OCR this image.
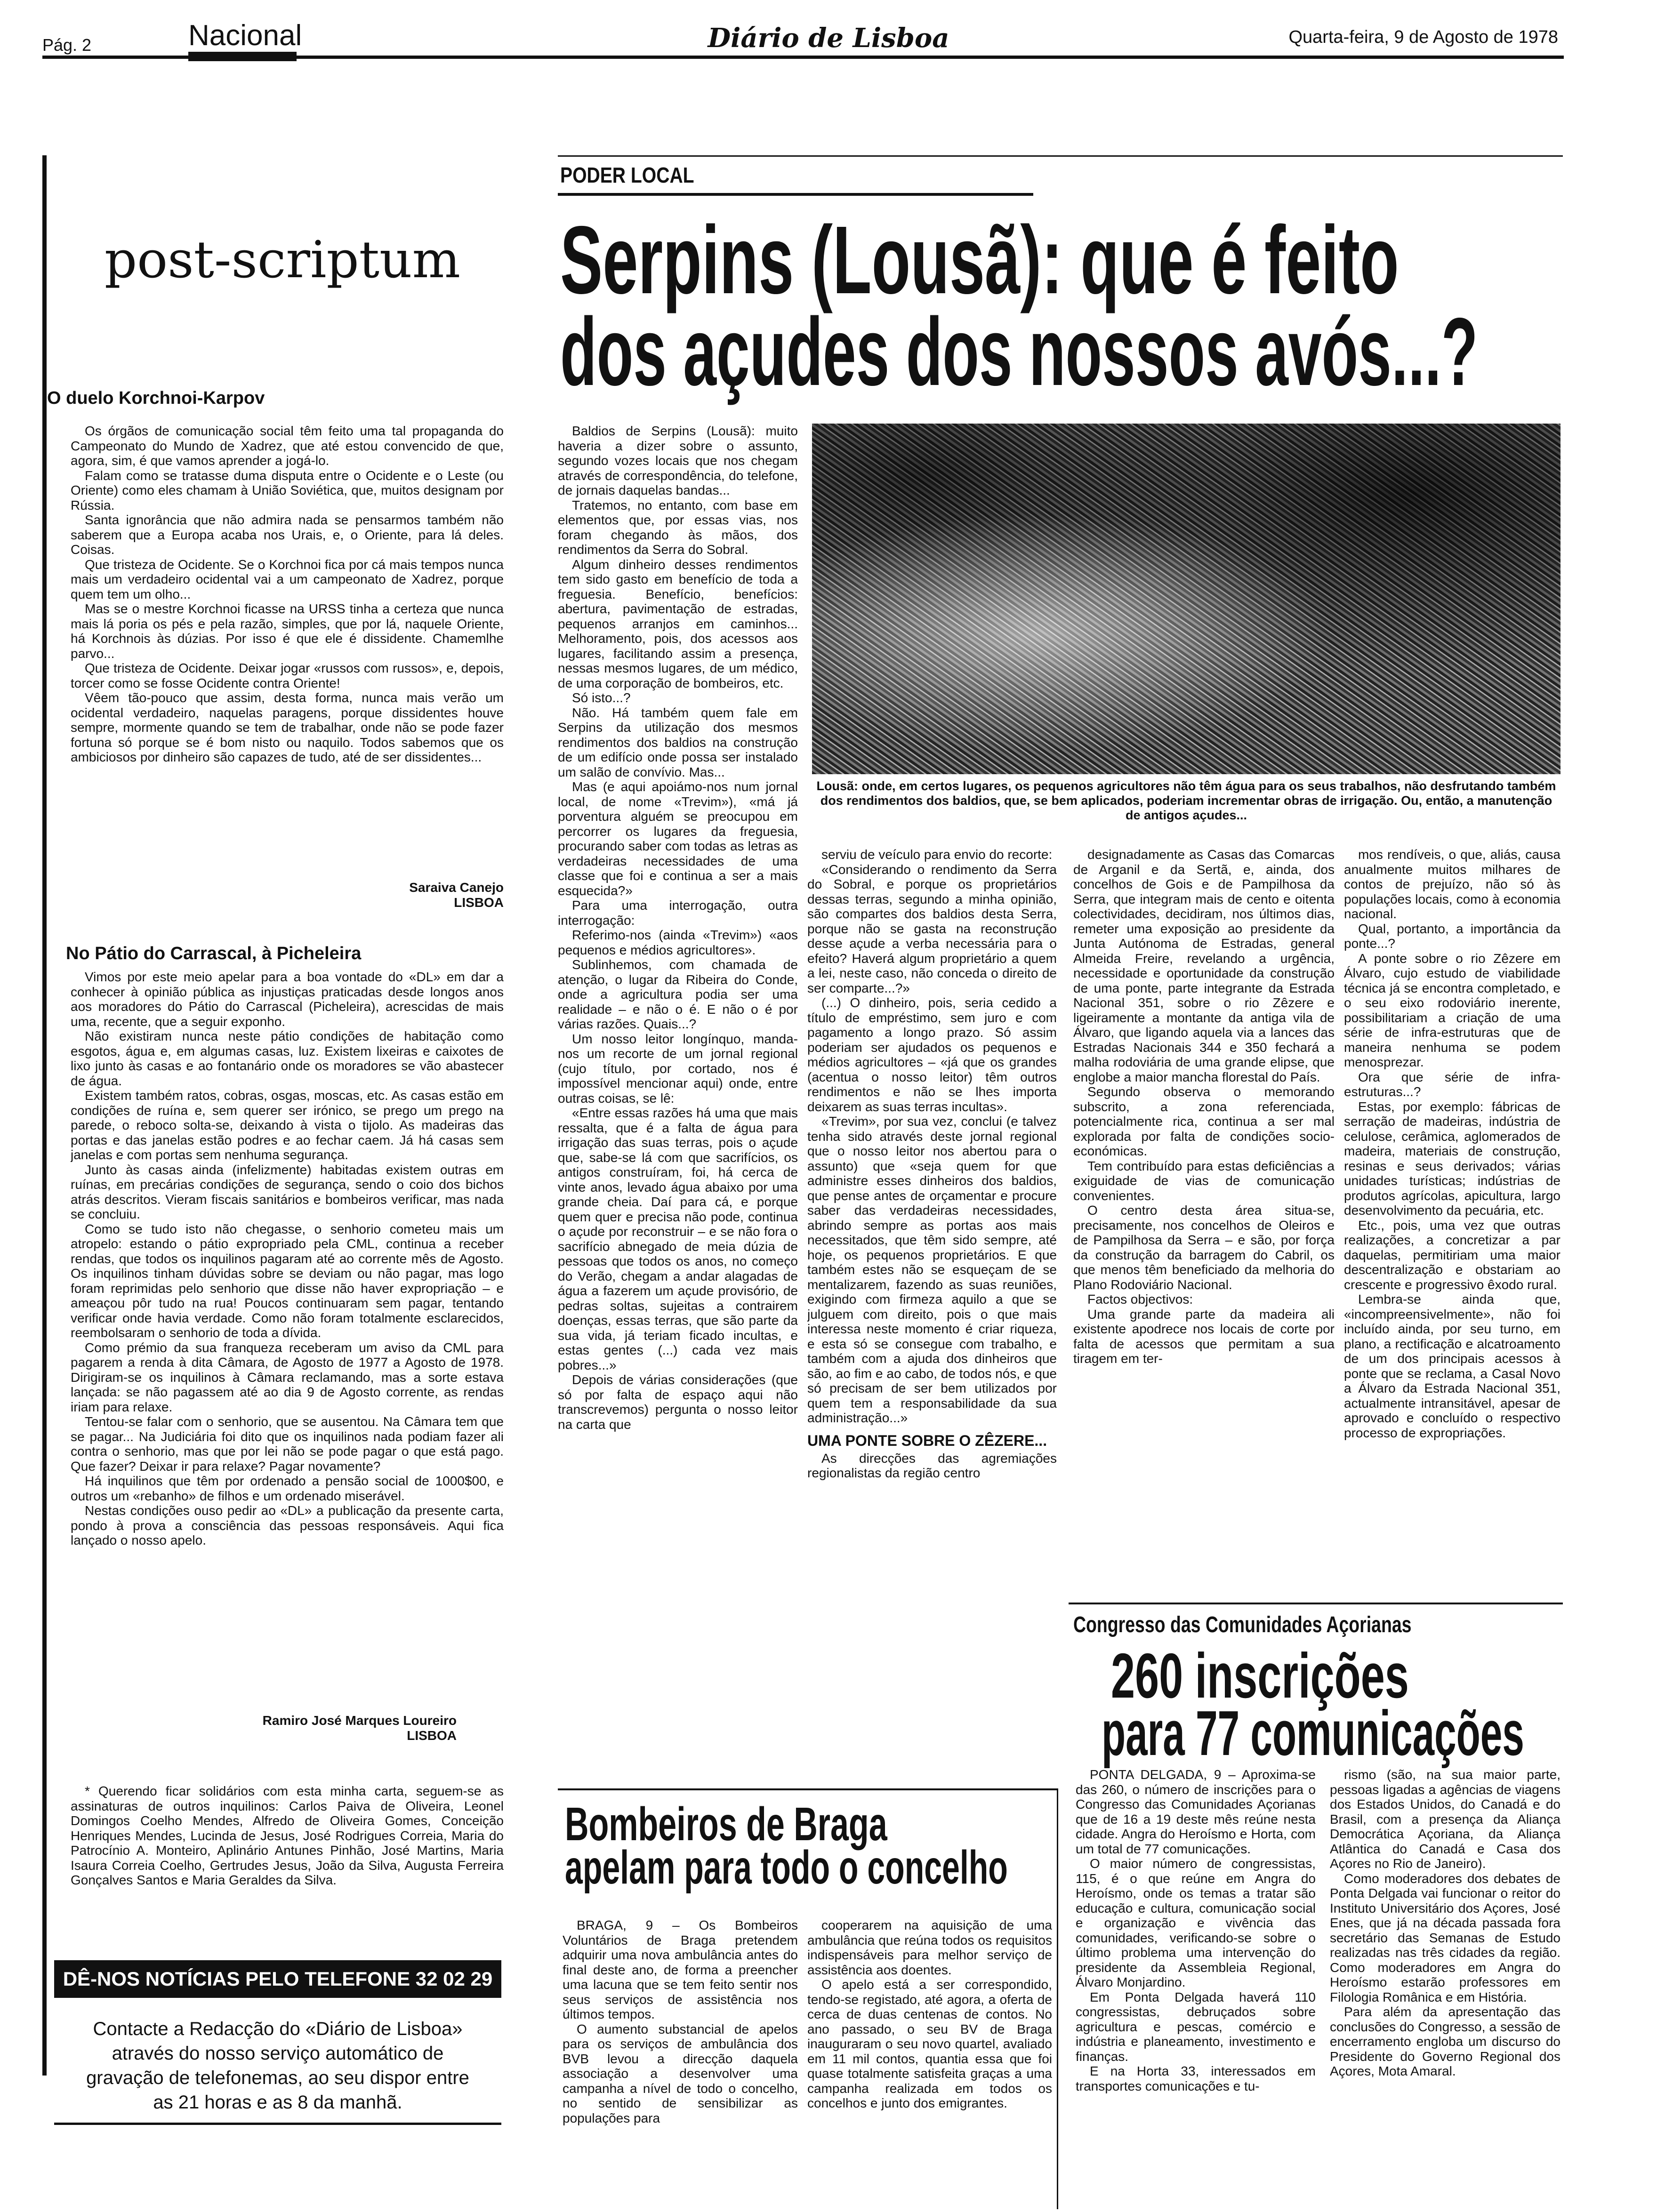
Pág. 2	Nacional	Diário de Lisboa	Quarta-feira, 9 de Agosto de 1978
post-scriptum
O duelo Korchnoi-Karpov

Os órgãos de comunicação social têm feito uma tal propaganda do Campeonato do Mundo de Xadrez, que até estou convencido de que, agora, sim, é que vamos aprender a jogá-lo.

Falam como se tratasse duma disputa entre o Ocidente e o Leste (ou Oriente) como eles chamam à União Soviética, que, muitos designam por Rússia.

Santa ignorância que não admira nada se pensarmos também não saberem que a Europa acaba nos Urais, e, o Oriente, para lá deles. Coisas.

Que tristeza de Ocidente. Se o Korchnoi fica por cá mais tempos nunca mais um verdadeiro ocidental vai a um campeonato de Xadrez, porque quem tem um olho...

Mas se o mestre Korchnoi ficasse na URSS tinha a certeza que nunca mais lá poria os pés e pela razão, simples, que por lá, naquele Oriente, há Korchnois às dúzias. Por isso é que ele é dissidente. Chamemlhe parvo...

Que tristeza de Ocidente. Deixar jogar «russos com russos», e, depois, torcer como se fosse Ocidente contra Oriente!

Vêem tão-pouco que assim, desta forma, nunca mais verão um ocidental verdadeiro, naquelas paragens, porque dissidentes houve sempre, mormente quando se tem de trabalhar, onde não se pode fazer fortuna só porque se é bom nisto ou naquilo. Todos sabemos que os ambiciosos por dinheiro são capazes de tudo, até de ser dissidentes...

Saraiva Canejo
LISBOA
No Pátio do Carrascal, à Picheleira

Vimos por este meio apelar para a boa vontade do «DL» em dar a conhecer à opinião pública as injustiças praticadas desde longos anos aos moradores do Pátio do Carrascal (Picheleira), acrescidas de mais uma, recente, que a seguir exponho.

Não existiram nunca neste pátio condições de habitação como esgotos, água e, em algumas casas, luz. Existem lixeiras e caixotes de lixo junto às casas e ao fontanário onde os moradores se vão abastecer de água.

Existem também ratos, cobras, osgas, moscas, etc. As casas estão em condições de ruína e, sem querer ser irónico, se prego um prego na parede, o reboco solta-se, deixando à vista o tijolo. As madeiras das portas e das janelas estão podres e ao fechar caem. Já há casas sem janelas e com portas sem nenhuma segurança.

Junto às casas ainda (infelizmente) habitadas existem outras em ruínas, em precárias condições de segurança, sendo o coio dos bichos atrás descritos. Vieram fiscais sanitários e bombeiros verificar, mas nada se concluiu.

Como se tudo isto não chegasse, o senhorio cometeu mais um atropelo: estando o pátio expropriado pela CML, continua a receber rendas, que todos os inquilinos pagaram até ao corrente mês de Agosto. Os inquilinos tinham dúvidas sobre se deviam ou não pagar, mas logo foram reprimidas pelo senhorio que disse não haver expropriação – e ameaçou pôr tudo na rua! Poucos continuaram sem pagar, tentando verificar onde havia verdade. Como não foram totalmente esclarecidos, reembolsaram o senhorio de toda a dívida.

Como prémio da sua franqueza receberam um aviso da CML para pagarem a renda à dita Câmara, de Agosto de 1977 a Agosto de 1978. Dirigiram-se os inquilinos à Câmara reclamando, mas a sorte estava lançada: se não pagassem até ao dia 9 de Agosto corrente, as rendas iriam para relaxe.

Tentou-se falar com o senhorio, que se ausentou. Na Câmara tem que se pagar... Na Judiciária foi dito que os inquilinos nada podiam fazer ali contra o senhorio, mas que por lei não se pode pagar o que está pago. Que fazer? Deixar ir para relaxe? Pagar novamente?

Há inquilinos que têm por ordenado a pensão social de 1000$00, e outros um «rebanho» de filhos e um ordenado miserável.

Nestas condições ouso pedir ao «DL» a publicação da presente carta, pondo à prova a consciência das pessoas responsáveis. Aqui fica lançado o nosso apelo.

Ramiro José Marques Loureiro
LISBOA

* Querendo ficar solidários com esta minha carta, seguem-se as assinaturas de outros inquilinos: Carlos Paiva de Oliveira, Leonel Domingos Coelho Mendes, Alfredo de Oliveira Gomes, Conceição Henriques Mendes, Lucinda de Jesus, José Rodrigues Correia, Maria do Patrocínio A. Monteiro, Aplinário Antunes Pinhão, José Martins, Maria Isaura Correia Coelho, Gertrudes Jesus, João da Silva, Augusta Ferreira Gonçalves Santos e Maria Geraldes da Silva.

DÊ-NOS NOTÍCIAS PELO TELEFONE 32 02 29
Contacte a Redacção do «Diário de Lisboa» através do nosso serviço automático de gravação de telefonemas, ao seu dispor entre as 21 horas e as 8 da manhã.
PODER LOCAL
Serpins (Lousã): que é feito
dos açudes dos nossos avós...?

Baldios de Serpins (Lousã): muito haveria a dizer sobre o assunto, segundo vozes locais que nos chegam através de correspondência, do telefone, de jornais daquelas bandas...

Tratemos, no entanto, com base em elementos que, por essas vias, nos foram chegando às mãos, dos rendimentos da Serra do Sobral.

Algum dinheiro desses rendimentos tem sido gasto em benefício de toda a freguesia. Benefício, benefícios: abertura, pavimentação de estradas, pequenos arranjos em caminhos... Melhoramento, pois, dos acessos aos lugares, facilitando assim a presença, nessas mesmos lugares, de um médico, de uma corporação de bombeiros, etc.

Só isto...?

Não. Há também quem fale em Serpins da utilização dos mesmos rendimentos dos baldios na construção de um edifício onde possa ser instalado um salão de convívio. Mas...

Mas (e aqui apoiámo-nos num jornal local, de nome «Trevim»), «má já porventura alguém se preocupou em percorrer os lugares da freguesia, procurando saber com todas as letras as verdadeiras necessidades de uma classe que foi e continua a ser a mais esquecida?»

Para uma interrogação, outra interrogação:

Referimo-nos (ainda «Trevim») «aos pequenos e médios agricultores».

Sublinhemos, com chamada de atenção, o lugar da Ribeira do Conde, onde a agricultura podia ser uma realidade – e não o é. E não o é por várias razões. Quais...?

Um nosso leitor longínquo, manda-nos um recorte de um jornal regional (cujo título, por cortado, nos é impossível mencionar aqui) onde, entre outras coisas, se lê:

«Entre essas razões há uma que mais ressalta, que é a falta de água para irrigação das suas terras, pois o açude que, sabe-se lá com que sacrifícios, os antigos construíram, foi, há cerca de vinte anos, levado água abaixo por uma grande cheia. Daí para cá, e porque quem quer e precisa não pode, continua o açude por reconstruir – e se não fora o sacrifício abnegado de meia dúzia de pessoas que todos os anos, no começo do Verão, chegam a andar alagadas de água a fazerem um açude provisório, de pedras soltas, sujeitas a contrairem doenças, essas terras, que são parte da sua vida, já teriam ficado incultas, e estas gentes (...) cada vez mais pobres...»

Depois de várias considerações (que só por falta de espaço aqui não transcrevemos) pergunta o nosso leitor na carta que

Lousã: onde, em certos lugares, os pequenos agricultores não têm água para os seus trabalhos, não desfrutando também dos rendimentos dos baldios, que, se bem aplicados, poderiam incrementar obras de irrigação. Ou, então, a manutenção de antigos açudes...

serviu de veículo para envio do recorte:

«Considerando o rendimento da Serra do Sobral, e porque os proprietários dessas terras, segundo a minha opinião, são compartes dos baldios desta Serra, porque não se gasta na reconstrução desse açude a verba necessária para o efeito? Haverá algum proprietário a quem a lei, neste caso, não conceda o direito de ser comparte...?»

(...) O dinheiro, pois, seria cedido a título de empréstimo, sem juro e com pagamento a longo prazo. Só assim poderiam ser ajudados os pequenos e médios agricultores – «já que os grandes (acentua o nosso leitor) têm outros rendimentos e não se lhes importa deixarem as suas terras incultas».

«Trevim», por sua vez, conclui (e talvez tenha sido através deste jornal regional que o nosso leitor nos abertou para o assunto) que «seja quem for que administre esses dinheiros dos baldios, que pense antes de orçamentar e procure saber das verdadeiras necessidades, abrindo sempre as portas aos mais necessitados, que têm sido sempre, até hoje, os pequenos proprietários. E que também estes não se esqueçam de se mentalizarem, fazendo as suas reuniões, exigindo com firmeza aquilo a que se julguem com direito, pois o que mais interessa neste momento é criar riqueza, e esta só se consegue com trabalho, e também com a ajuda dos dinheiros que são, ao fim e ao cabo, de todos nós, e que só precisam de ser bem utilizados por quem tem a responsabilidade da sua administração...»

UMA PONTE SOBRE O ZÊZERE...

As direcções das agremiações regionalistas da região centro

designadamente as Casas das Comarcas de Arganil e da Sertã, e, ainda, dos concelhos de Gois e de Pampilhosa da Serra, que integram mais de cento e oitenta colectividades, decidiram, nos últimos dias, remeter uma exposição ao presidente da Junta Autónoma de Estradas, general Almeida Freire, revelando a urgência, necessidade e oportunidade da construção de uma ponte, parte integrante da Estrada Nacional 351, sobre o rio Zêzere e ligeiramente a montante da antiga vila de Álvaro, que ligando aquela via a lances das Estradas Nacionais 344 e 350 fechará a malha rodoviária de uma grande elipse, que englobe a maior mancha florestal do País.

Segundo observa o memorando subscrito, a zona referenciada, potencialmente rica, continua a ser mal explorada por falta de condições socio-económicas.

Tem contribuído para estas deficiências a exiguidade de vias de comunicação convenientes.

O centro desta área situa-se, precisamente, nos concelhos de Oleiros e de Pampilhosa da Serra – e são, por força da construção da barragem do Cabril, os que menos têm beneficiado da melhoria do Plano Rodoviário Nacional.

Factos objectivos:

Uma grande parte da madeira ali existente apodrece nos locais de corte por falta de acessos que permitam a sua tiragem em ter-

mos rendíveis, o que, aliás, causa anualmente muitos milhares de contos de prejuízo, não só às populações locais, como à economia nacional.

Qual, portanto, a importância da ponte...?

A ponte sobre o rio Zêzere em Álvaro, cujo estudo de viabilidade técnica já se encontra completado, e o seu eixo rodoviário inerente, possibilitariam a criação de uma série de infra-estruturas que de maneira nenhuma se podem menosprezar.

Ora que série de infra-estruturas...?

Estas, por exemplo: fábricas de serração de madeiras, indústria de celulose, cerâmica, aglomerados de madeira, materiais de construção, resinas e seus derivados; várias unidades turísticas; indústrias de produtos agrícolas, apicultura, largo desenvolvimento da pecuária, etc.

Etc., pois, uma vez que outras realizações, a concretizar a par daquelas, permitiriam uma maior descentralização e obstariam ao crescente e progressivo êxodo rural.

Lembra-se ainda que, «incompreensivelmente», não foi incluído ainda, por seu turno, em plano, a rectificação e alcatroamento de um dos principais acessos à ponte que se reclama, a Casal Novo a Álvaro da Estrada Nacional 351, actualmente intransitável, apesar de aprovado e concluído o respectivo processo de expropriações.

Congresso das Comunidades Açorianas
260 inscrições
para 77 comunicações

PONTA DELGADA, 9 – Aproxima-se das 260, o número de inscrições para o Congresso das Comunidades Açorianas que de 16 a 19 deste mês reúne nesta cidade. Angra do Heroísmo e Horta, com um total de 77 comunicações.

O maior número de congressistas, 115, é o que reúne em Angra do Heroísmo, onde os temas a tratar são educação e cultura, comunicação social e organização e vivência das comunidades, verificando-se sobre o último problema uma intervenção do presidente da Assembleia Regional, Álvaro Monjardino.

Em Ponta Delgada haverá 110 congressistas, debruçados sobre agricultura e pescas, comércio e indústria e planeamento, investimento e finanças.

E na Horta 33, interessados em transportes comunicações e tu-

rismo (são, na sua maior parte, pessoas ligadas a agências de viagens dos Estados Unidos, do Canadá e do Brasil, com a presença da Aliança Democrática Açoriana, da Aliança Atlântica do Canadá e Casa dos Açores no Rio de Janeiro).

Como moderadores dos debates de Ponta Delgada vai funcionar o reitor do Instituto Universitário dos Açores, José Enes, que já na década passada fora secretário das Semanas de Estudo realizadas nas três cidades da região. Como moderadores em Angra do Heroísmo estarão professores em Filologia Românica e em História.

Para além da apresentação das conclusões do Congresso, a sessão de encerramento engloba um discurso do Presidente do Governo Regional dos Açores, Mota Amaral.

Bombeiros de Braga
apelam para todo o concelho

BRAGA, 9 – Os Bombeiros Voluntários de Braga pretendem adquirir uma nova ambulância antes do final deste ano, de forma a preencher uma lacuna que se tem feito sentir nos seus serviços de assistência nos últimos tempos.

O aumento substancial de apelos para os serviços de ambulância dos BVB levou a direcção daquela associação a desenvolver uma campanha a nível de todo o concelho, no sentido de sensibilizar as populações para

cooperarem na aquisição de uma ambulância que reúna todos os requisitos indispensáveis para melhor serviço de assistência aos doentes.

O apelo está a ser correspondido, tendo-se registado, até agora, a oferta de cerca de duas centenas de contos. No ano passado, o seu BV de Braga inauguraram o seu novo quartel, avaliado em 11 mil contos, quantia essa que foi quase totalmente satisfeita graças a uma campanha realizada em todos os concelhos e junto dos emigrantes.
